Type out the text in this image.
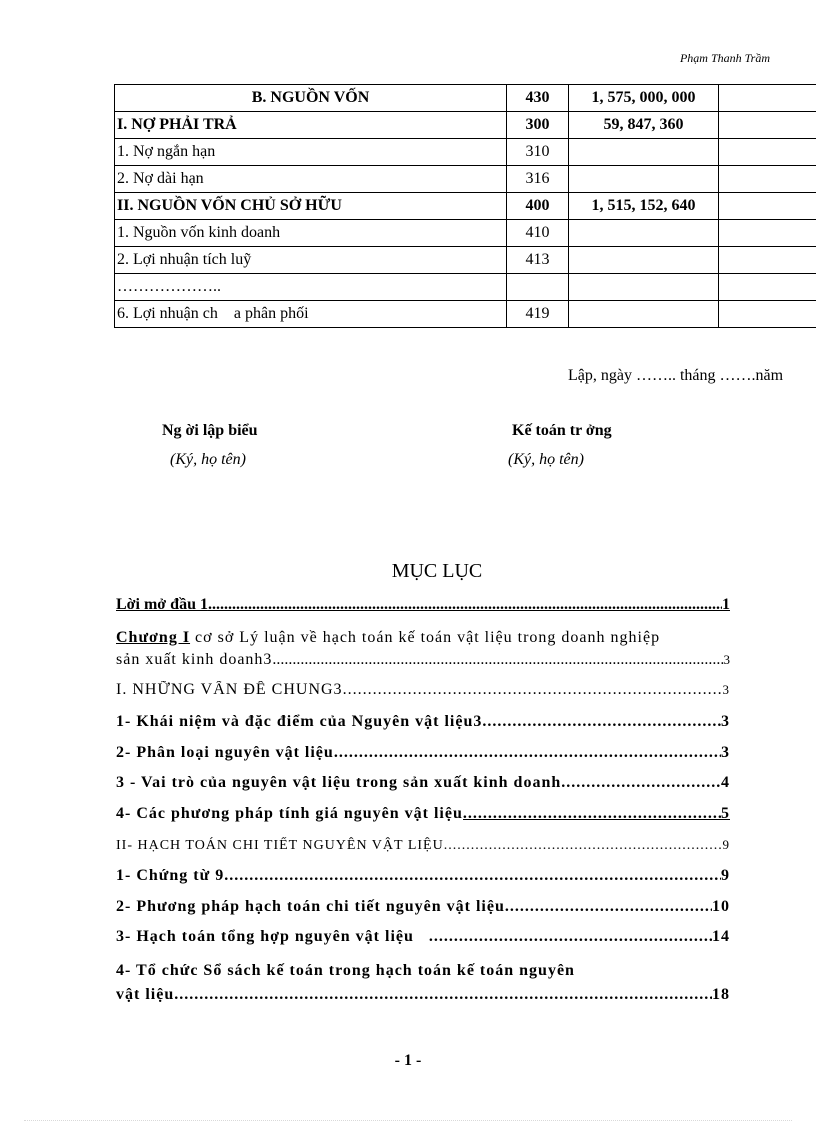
Phạm Thanh Trầm
B. NGUỒN VỐN	430	1, 575, 000, 000	
I. NỢ PHẢI TRẢ	300	59, 847, 360	
1. Nợ ngắn hạn	310		
2. Nợ dài hạn	316		
II. NGUỒN VỐN CHỦ SỞ HỮU	400	1, 515, 152, 640	
1. Nguồn vốn kinh doanh	410		
2. Lợi nhuận tích luỹ	413		
………………..			
6. Lợi nhuận ch    a phân phối	419		
Lập, ngày …….. tháng …….năm
Ng ời lập biểu
(Ký, họ tên)
Kế toán tr ởng
(Ký, họ tên)
MỤC LỤC
Lời mở đầu 1 .....	1
Chương I cơ sở Lý luận về hạch toán kế toán vật liệu trong doanh nghiệp
sản xuất kinh doanh3 .....	3
I. NHỮNG VẤN ĐỀ CHUNG3 .....	3
1- Khái niệm và đặc điểm của Nguyên vật liệu3 .....	3
2- Phân loại nguyên vật liệu .....	3
3 - Vai trò của nguyên vật liệu trong sản xuất kinh doanh .....	4
4- Các phương pháp tính giá nguyên vật liệu .....	5
II- HẠCH TOÁN CHI TIẾT NGUYÊN VẬT LIỆU. .....	9
1- Chứng từ 9 .....	9
2- Phương pháp hạch toán chi tiết nguyên vật liệu .....	10
3- Hạch toán tổng hợp nguyên vật liệu .....	14
4- Tổ chức Sổ sách kế toán trong hạch toán kế toán nguyên
vật liệu .....	18
- 1 -
